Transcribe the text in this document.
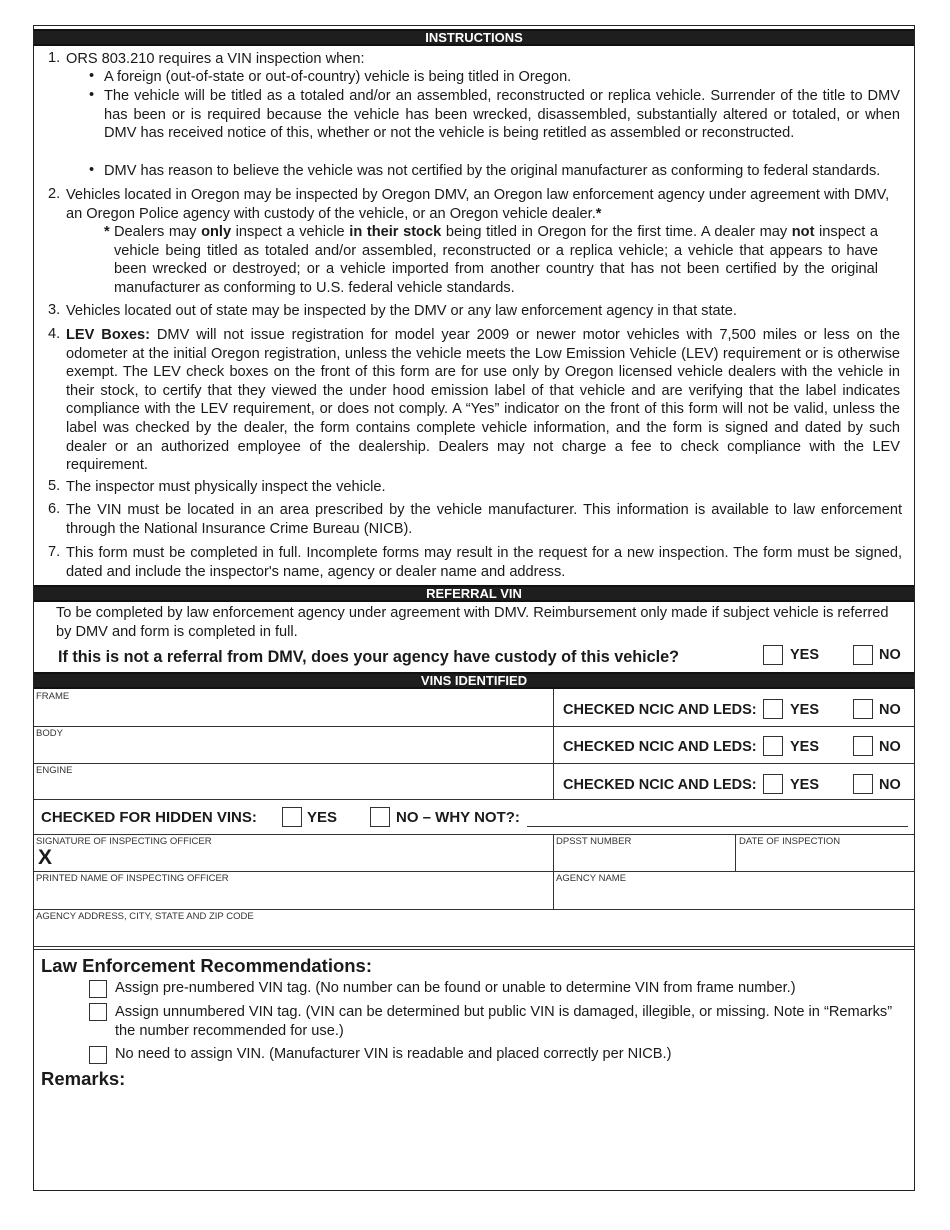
INSTRUCTIONS
1. ORS 803.210 requires a VIN inspection when:
• A foreign (out-of-state or out-of-country) vehicle is being titled in Oregon.
• The vehicle will be titled as a totaled and/or an assembled, reconstructed or replica vehicle. Surrender of the title to DMV has been or is required because the vehicle has been wrecked, disassembled, substantially altered or totaled, or when DMV has received notice of this, whether or not the vehicle is being retitled as assembled or reconstructed.
• DMV has reason to believe the vehicle was not certified by the original manufacturer as conforming to federal standards.
2. Vehicles located in Oregon may be inspected by Oregon DMV, an Oregon law enforcement agency under agreement with DMV, an Oregon Police agency with custody of the vehicle, or an Oregon vehicle dealer.*
* Dealers may only inspect a vehicle in their stock being titled in Oregon for the first time. A dealer may not inspect a vehicle being titled as totaled and/or assembled, reconstructed or a replica vehicle; a vehicle that appears to have been wrecked or destroyed; or a vehicle imported from another country that has not been certified by the original manufacturer as conforming to U.S. federal vehicle standards.
3. Vehicles located out of state may be inspected by the DMV or any law enforcement agency in that state.
4. LEV Boxes: DMV will not issue registration for model year 2009 or newer motor vehicles with 7,500 miles or less on the odometer at the initial Oregon registration, unless the vehicle meets the Low Emission Vehicle (LEV) requirement or is otherwise exempt. The LEV check boxes on the front of this form are for use only by Oregon licensed vehicle dealers with the vehicle in their stock, to certify that they viewed the under hood emission label of that vehicle and are verifying that the label indicates compliance with the LEV requirement, or does not comply. A “Yes” indicator on the front of this form will not be valid, unless the label was checked by the dealer, the form contains complete vehicle information, and the form is signed and dated by such dealer or an authorized employee of the dealership. Dealers may not charge a fee to check compliance with the LEV requirement.
5. The inspector must physically inspect the vehicle.
6. The VIN must be located in an area prescribed by the vehicle manufacturer. This information is available to law enforcement through the National Insurance Crime Bureau (NICB).
7. This form must be completed in full. Incomplete forms may result in the request for a new inspection. The form must be signed, dated and include the inspector's name, agency or dealer name and address.
REFERRAL VIN
To be completed by law enforcement agency under agreement with DMV. Reimbursement only made if subject vehicle is referred by DMV and form is completed in full.
If this is not a referral from DMV, does your agency have custody of this vehicle?	YES	NO
VINS IDENTIFIED
FRAME
CHECKED NCIC AND LEDS: YES	NO
BODY
CHECKED NCIC AND LEDS: YES	NO
ENGINE
CHECKED NCIC AND LEDS: YES	NO
CHECKED FOR HIDDEN VINS:	YES	NO – WHY NOT?:
SIGNATURE OF INSPECTING OFFICER
X
DPSST NUMBER	DATE OF INSPECTION
PRINTED NAME OF INSPECTING OFFICER	AGENCY NAME
AGENCY ADDRESS, CITY, STATE AND ZIP CODE
Law Enforcement Recommendations:
Assign pre-numbered VIN tag. (No number can be found or unable to determine VIN from frame number.)
Assign unnumbered VIN tag. (VIN can be determined but public VIN is damaged, illegible, or missing. Note in “Remarks” the number recommended for use.)
No need to assign VIN. (Manufacturer VIN is readable and placed correctly per NICB.)
Remarks:
